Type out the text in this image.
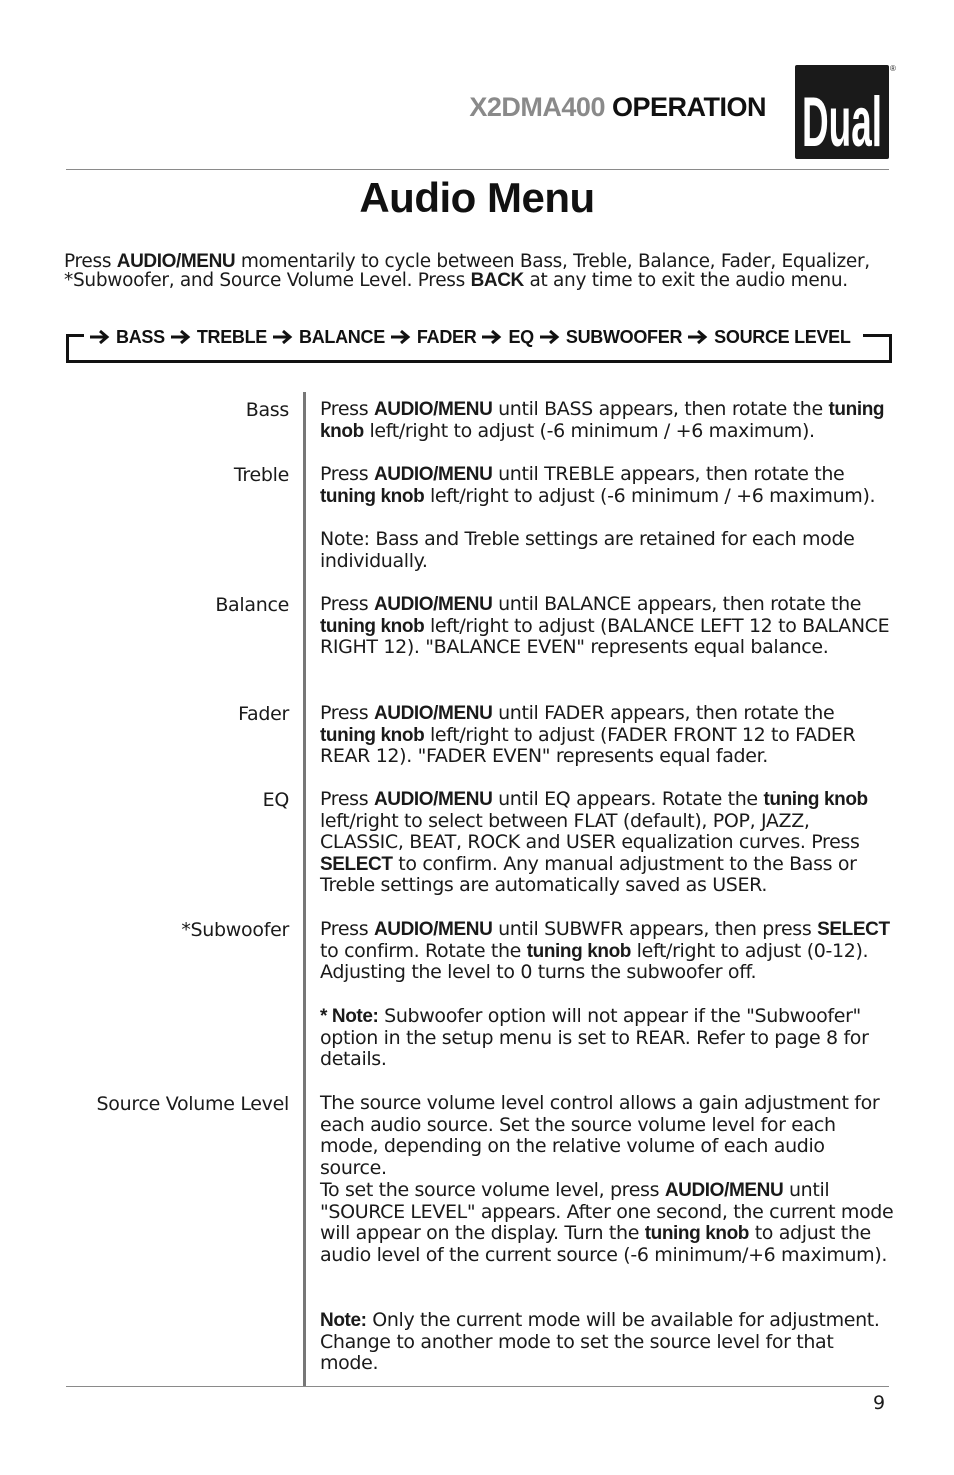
X2DMA400 OPERATION Dual
®
Audio Menu
Press AUDIO/MENU momentarily to cycle between Bass, Treble, Balance, Fader, Equalizer, *Subwoofer, and Source Volume Level. Press BACK at any time to exit the audio menu.
BASS TREBLE BALANCE FADER EQ SUBWOOFER SOURCE LEVEL
Bass Press AUDIO/MENU until BASS appears, then rotate the tuning knob left/right to adjust (-6 minimum / +6 maximum).
Treble Press AUDIO/MENU until TREBLE appears, then rotate the tuning knob left/right to adjust (-6 minimum / +6 maximum).
Note: Bass and Treble settings are retained for each mode individually.
Balance Press AUDIO/MENU until BALANCE appears, then rotate the tuning knob left/right to adjust (BALANCE LEFT 12 to BALANCE RIGHT 12). "BALANCE EVEN" represents equal balance.
Fader Press AUDIO/MENU until FADER appears, then rotate the tuning knob left/right to adjust (FADER FRONT 12 to FADER REAR 12). "FADER EVEN" represents equal fader.
EQ Press AUDIO/MENU until EQ appears. Rotate the tuning knob left/right to select between FLAT (default), POP, JAZZ, CLASSIC, BEAT, ROCK and USER equalization curves. Press SELECT to confirm. Any manual adjustment to the Bass or Treble settings are automatically saved as USER.
*Subwoofer Press AUDIO/MENU until SUBWFR appears, then press SELECT to confirm. Rotate the tuning knob left/right to adjust (0-12). Adjusting the level to 0 turns the subwoofer off.
* Note: Subwoofer option will not appear if the "Subwoofer" option in the setup menu is set to REAR. Refer to page 8 for details.
Source Volume Level The source volume level control allows a gain adjustment for each audio source. Set the source volume level for each mode, depending on the relative volume of each audio source.
To set the source volume level, press AUDIO/MENU until "SOURCE LEVEL" appears. After one second, the current mode will appear on the display. Turn the tuning knob to adjust the audio level of the current source (-6 minimum/+6 maximum).
Note: Only the current mode will be available for adjustment. Change to another mode to set the source level for that mode.
9
